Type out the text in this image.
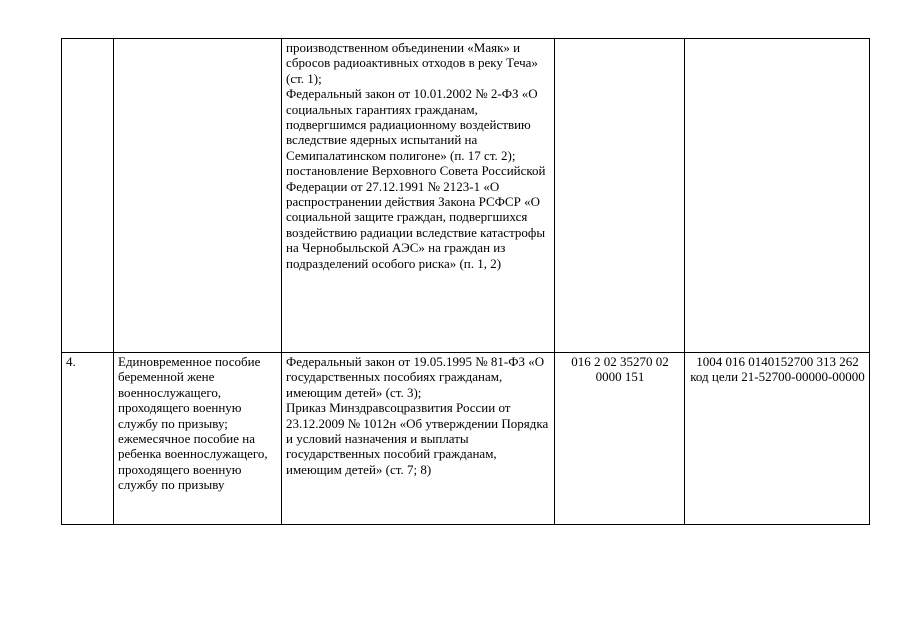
		производственном объединении «Маяк» и сбросов радиоактивных отходов в реку Теча» (ст. 1);
Федеральный закон от 10.01.2002 № 2-ФЗ «О социальных гарантиях гражданам, подвергшимся радиационному воздействию вследствие ядерных испытаний на Семипалатинском полигоне» (п. 17 ст. 2);
постановление Верховного Совета Российской Федерации от 27.12.1991 № 2123-1 «О распространении действия Закона РСФСР «О социальной защите граждан, подвергшихся воздействию радиации вследствие катастрофы на Чернобыльской АЭС» на граждан из подразделений особого риска» (п. 1, 2)		

4.	Единовременное пособие беременной жене военнослужащего, проходящего военную службу по призыву; ежемесячное пособие на ребенка военнослужащего, проходящего военную службу по призыву	Федеральный закон от 19.05.1995 № 81-ФЗ «О государственных пособиях гражданам, имеющим детей» (ст. 3);
Приказ Минздравсоцразвития России от 23.12.2009 № 1012н «Об утверждении Порядка и условий назначения и выплаты государственных пособий гражданам, имеющим детей» (ст. 7; 8)	016 2 02 35270 02 0000 151	1004 016 0140152700 313 262 код цели 21-52700-00000-00000
